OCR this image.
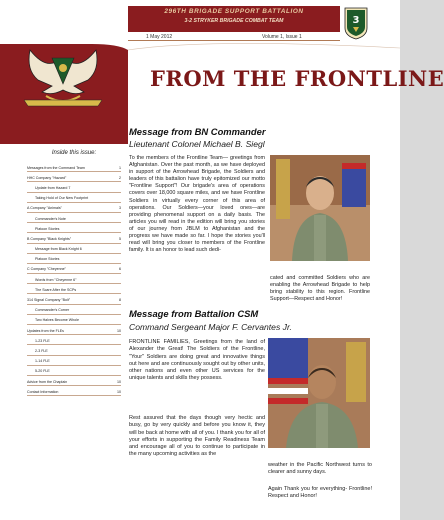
296TH BRIGADE SUPPORT BATTALION
3-2 STRYKER BRIGADE COMBAT TEAM
1 May 2012	Volume 1, Issue 1
3
FROM THE FRONTLINE
Inside this issue:
Messages from the Command Team	1
HHC Company "Hazard"	2
Update from Hazard 7
Taking Hold of Our New Footprint
A Company "Animals"	3
Commander's Note
Platoon Stories
B Company "Black Knights"	5
Message from Black Knight 6
Platoon Stories
C Company "Cheyenne"	6
Words from "Cheyenne 6"
The Scare After the SCPs
314 Signal Company "Bolt"	8
Commander's Corner
Two Halves Become Whole
Updates from the FLEs	10
1-23 FLE
2-3 FLE
1-14 FLE
5-20 FLE
Advice from the Chaplain	10
Contact Information	10
Message from BN Commander
Lieutenant Colonel Michael B. Siegl
To the members of the Frontline Team— greetings from Afghanistan. Over the past month, as we have deployed in support of the Arrowhead Brigade, the Soldiers and leaders of this battalion have truly epitomized our motto "Frontline Support"! Our brigade's area of operations covers over 18,000 square miles, and we have Frontline Soldiers in virtually every corner of this area of operations. Our Soldiers—your loved ones—are providing phenomenal support on a daily basis. The articles you will read in the edition will bring you stories of our journey from JBLM to Afghanistan and the progress we have made so far. I hope the stories you'll read will bring you closer to members of the Frontline family. It is an honor to lead such dedi-
cated and committed Soldiers who are enabling the Arrowhead Brigade to help bring stability to this region. Frontline Support—Respect and Honor!
Message from Battalion CSM
Command Sergeant Major F. Cervantes Jr.
FRONTLINE FAMILIES, Greetings from the land of Alexander the Great! The Soldiers of the Frontline, "Your" Soldiers are doing great and innovative things out here and are continuously sought out by other units, other nations and even other US services for the unique talents and skills they possess.
Rest assured that the days though very hectic and busy, go by very quickly and before you know it, they will be back at home with all of you. I thank you for all of your efforts in supporting the Family Readiness Team and encourage all of you to continue to participate in the many upcoming activities as the
weather in the Pacific Northwest turns to clearer and sunny days.
Again Thank you for everything- Frontline! Respect and Honor!
